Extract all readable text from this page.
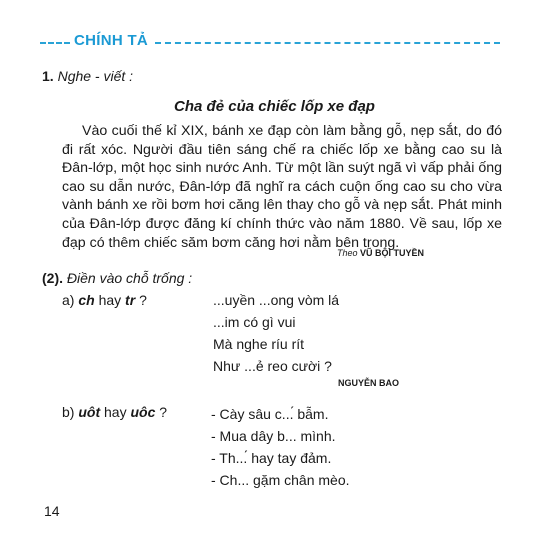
CHÍNH TẢ
1. Nghe - viết :
Cha đẻ của chiếc lốp xe đạp

Vào cuối thế kỉ XIX, bánh xe đạp còn làm bằng gỗ, nẹp sắt, do đó đi rất xóc. Người đầu tiên sáng chế ra chiếc lốp xe bằng cao su là Đân-lớp, một học sinh nước Anh. Từ một lần suýt ngã vì vấp phải ống cao su dẫn nước, Đân-lớp đã nghĩ ra cách cuộn ống cao su cho vừa vành bánh xe rồi bơm hơi căng lên thay cho gỗ và nẹp sắt. Phát minh của Đân-lớp được đăng kí chính thức vào năm 1880. Về sau, lốp xe đạp có thêm chiếc săm bơm căng hơi nằm bên trong.

Theo VŨ BỘI TUYỀN
(2). Điền vào chỗ trống :
a) ch hay tr ?	...uyền ...ong vòm lá
...im có gì vui
Mà nghe ríu rít
Như ...ẻ reo cười ?
NGUYỄN BAO
b) uôt hay uôc ?	- Cày sâu c...́ bẫm.
- Mua dây b... mình.
- Th...́ hay tay đảm.
- Ch... gặm chân mèo.
14
